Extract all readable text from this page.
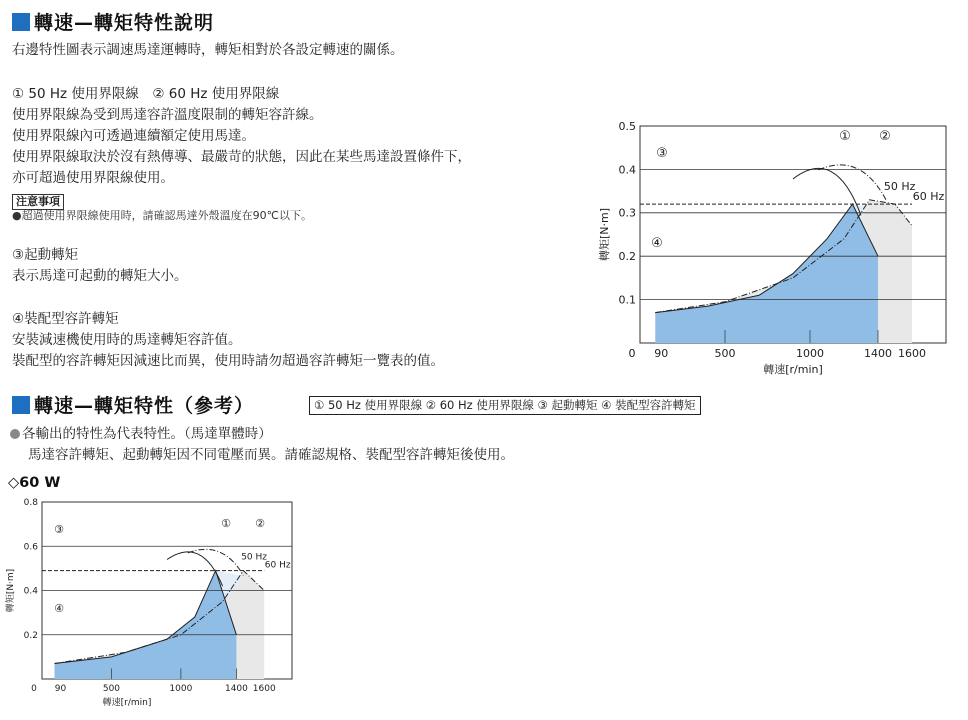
轉速—轉矩特性說明
右邊特性圖表示調速馬達運轉時，轉矩相對於各設定轉速的關係。
① 50 Hz 使用界限線　② 60 Hz 使用界限線
使用界限線為受到馬達容許溫度限制的轉矩容許線。
使用界限線內可透過連續額定使用馬達。
使用界限線取決於沒有熱傳導、最嚴苛的狀態，因此在某些馬達設置條件下，
亦可超過使用界限線使用。
注意事項
●超過使用界限線使用時，請確認馬達外殼溫度在90℃以下。
③起動轉矩
表示馬達可起動的轉矩大小。
④裝配型容許轉矩
安裝減速機使用時的馬達轉矩容許值。
裝配型的容許轉矩因減速比而異，使用時請勿超過容許轉矩一覽表的值。
0.1
0.2
0.3
0.4
0.5
0 90	500	1000	1400 1600
轉速[r/min]
轉矩[N·m]
50 Hz
60 Hz
① ②
③
④
轉速—轉矩特性（參考）	① 50 Hz 使用界限線 ② 60 Hz 使用界限線 ③ 起動轉矩 ④ 裝配型容許轉矩
各輸出的特性為代表特性。（馬達單體時）
馬達容許轉矩、起動轉矩因不同電壓而異。請確認規格、裝配型容許轉矩後使用。
◇60 W
0.2
0.4
0.6
0.8
0 90	500	1000	1400 1600
轉速[r/min]
轉矩[N·m]
50 Hz
60 Hz
① ②
③
④
